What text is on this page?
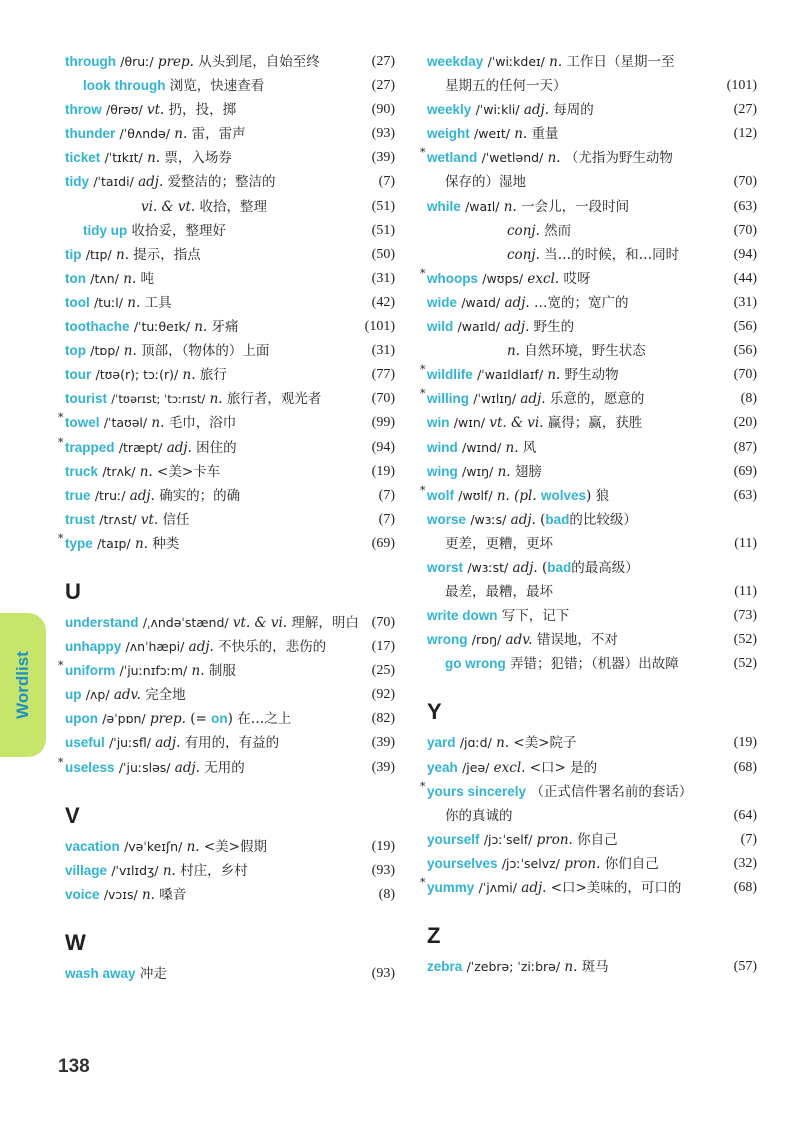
through /θruː/ prep. 从头到尾，自始至终	(27)
look through 浏览，快速查看	(27)
throw /θrəʊ/ vt. 扔，投，掷	(90)
thunder /ˈθʌndə/ n. 雷，雷声	(93)
ticket /ˈtɪkɪt/ n. 票，入场券	(39)
tidy /ˈtaɪdi/ adj. 爱整洁的；整洁的	(7)
vi. & vt. 收拾，整理	(51)
tidy up 收拾妥，整理好	(51)
tip /tɪp/ n. 提示，指点	(50)
ton /tʌn/ n. 吨	(31)
tool /tuːl/ n. 工具	(42)
toothache /ˈtuːθeɪk/ n. 牙痛	(101)
top /tɒp/ n. 顶部，（物体的）上面	(31)
tour /tʊə(r); tɔː(r)/ n. 旅行	(77)
tourist /ˈtʊərɪst; ˈtɔːrɪst/ n. 旅行者，观光者	(70)
* towel /ˈtaʊəl/ n. 毛巾，浴巾	(99)
* trapped /træpt/ adj. 困住的	(94)
truck /trʌk/ n. <美>卡车	(19)
true /truː/ adj. 确实的；的确	(7)
trust /trʌst/ vt. 信任	(7)
* type /taɪp/ n. 种类	(69)
U
understand /ˌʌndəˈstænd/ vt. & vi. 理解，明白 (70)
unhappy /ʌnˈhæpi/ adj. 不快乐的，悲伤的	(17)
* uniform /ˈjuːnɪfɔːm/ n. 制服	(25)
up /ʌp/ adv. 完全地	(92)
upon /əˈpɒn/ prep. (= on) 在…之上	(82)
useful /ˈjuːsfl/ adj. 有用的，有益的	(39)
* useless /ˈjuːsləs/ adj. 无用的	(39)
V
vacation /vəˈkeɪʃn/ n. <美>假期	(19)
village /ˈvɪlɪdʒ/ n. 村庄，乡村	(93)
voice /vɔɪs/ n. 嗓音	(8)
W
wash away 冲走	(93)
weekday /ˈwiːkdeɪ/ n. 工作日（星期一至
星期五的任何一天）	(101)
weekly /ˈwiːkli/ adj. 每周的	(27)
weight /weɪt/ n. 重量	(12)
* wetland /ˈwetlənd/ n. （尤指为野生动物
保存的）湿地	(70)
while /waɪl/ n. 一会儿，一段时间	(63)
conj. 然而	(70)
conj. 当…的时候，和…同时	(94)
* whoops /wʊps/ excl. 哎呀	(44)
wide /waɪd/ adj. …宽的；宽广的	(31)
wild /waɪld/ adj. 野生的	(56)
n. 自然环境，野生状态	(56)
* wildlife /ˈwaɪldlaɪf/ n. 野生动物	(70)
* willing /ˈwɪlɪŋ/ adj. 乐意的，愿意的	(8)
win /wɪn/ vt. & vi. 赢得；赢，获胜	(20)
wind /wɪnd/ n. 风	(87)
wing /wɪŋ/ n. 翅膀	(69)
* wolf /wʊlf/ n. (pl. wolves) 狼	(63)
worse /wɜːs/ adj. (bad的比较级）
更差，更糟，更坏	(11)
worst /wɜːst/ adj. (bad的最高级）
最差，最糟，最坏	(11)
write down 写下，记下	(73)
wrong /rɒŋ/ adv. 错误地，不对	(52)
go wrong 弄错；犯错；（机器）出故障	(52)
Y
yard /jɑːd/ n. <美>院子	(19)
yeah /jeə/ excl. <口> 是的	(68)
* yours sincerely （正式信件署名前的套话）
你的真诚的	(64)
yourself /jɔːˈself/ pron. 你自己	(7)
yourselves /jɔːˈselvz/ pron. 你们自己	(32)
* yummy /ˈjʌmi/ adj. <口>美味的，可口的	(68)
Z
zebra /ˈzebrə; ˈziːbrə/ n. 斑马	(57)
Wordlist
138
